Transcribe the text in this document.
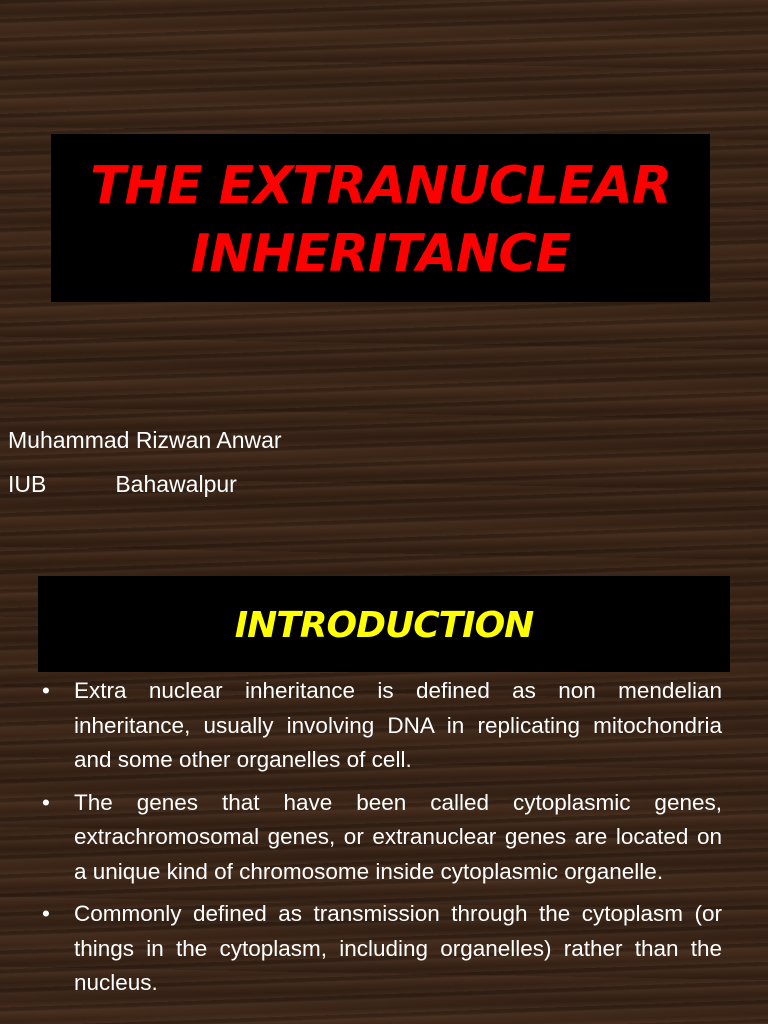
THE EXTRANUCLEAR
INHERITANCE
Muhammad Rizwan Anwar
IUB	Bahawalpur
INTRODUCTION
•	Extra nuclear inheritance is defined as non mendelian inheritance, usually involving DNA in replicating mitochondria and some other organelles of cell.
•	The genes that have been called cytoplasmic genes, extrachromosomal genes, or extranuclear genes are located on a unique kind of chromosome inside cytoplasmic organelle.
•	Commonly defined as transmission through the cytoplasm (or things in the cytoplasm, including organelles) rather than the nucleus.
